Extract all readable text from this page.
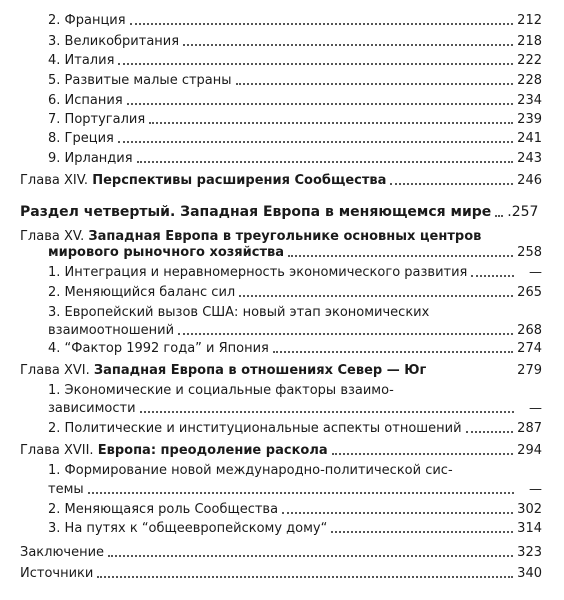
2. Франция	212
3. Великобритания	218
4. Италия	222
5. Развитые малые страны	228
6. Испания	234
7. Португалия	239
8. Греция	241
9. Ирландия	243
Глава XIV. Перспективы расширения Сообщества	246
Раздел четвертый. Западная Европа в меняющемся мире .257
Глава XV. Западная Европа в треугольнике основных центров
мирового рыночного хозяйства	258
1. Интеграция и неравномерность экономического развития	—
2. Меняющийся баланс сил	265
3. Европейский вызов США: новый этап экономических
взаимоотношений	268
4. “Фактор 1992 года” и Япония	274
Глава XVI. Западная Европа в отношениях Север — Юг	279
1. Экономические и социальные факторы взаимо-
зависимости	—
2. Политические и институциональные аспекты отношений	287
Глава XVII. Европа: преодоление раскола	294
1. Формирование новой международно-политической сис-
темы	—
2. Меняющаяся роль Сообщества	302
3. На путях к “общеевропейскому дому“	314
Заключение	323
Источники	340
